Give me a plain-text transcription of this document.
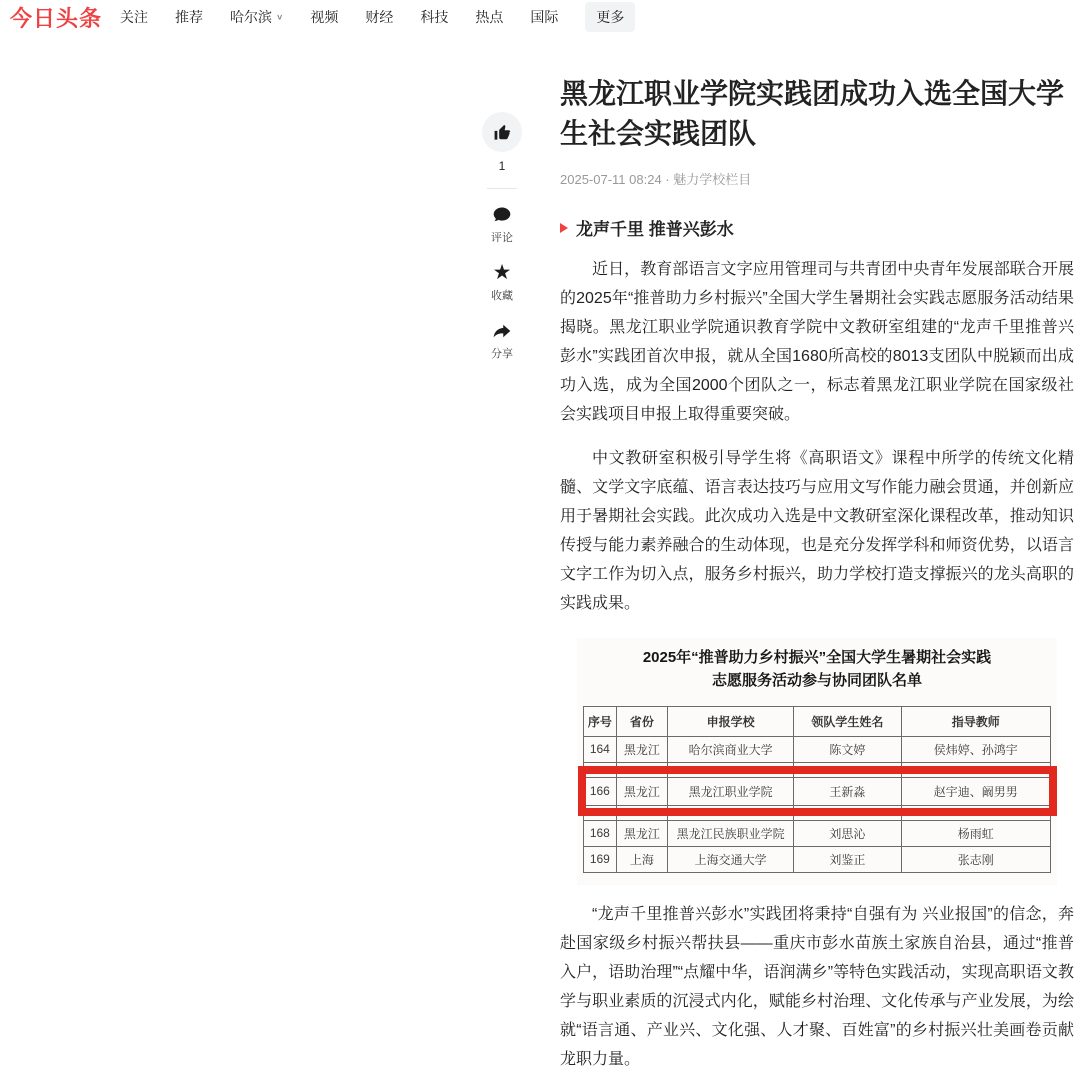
今日头条 关注 推荐 哈尔滨 ∨ 视频 财经 科技 热点 国际	更多
1
评论
★
收藏
分享
黑龙江职业学院实践团成功入选全国大学生社会实践团队
2025-07-11 08:24 · 魅力学校栏目
龙声千里 推普兴彭水

近日，教育部语言文字应用管理司与共青团中央青年发展部联合开展的2025年“推普助力乡村振兴”全国大学生暑期社会实践志愿服务活动结果揭晓。黑龙江职业学院通识教育学院中文教研室组建的“龙声千里推普兴彭水”实践团首次申报，就从全国1680所高校的8013支团队中脱颖而出成功入选，成为全国2000个团队之一，标志着黑龙江职业学院在国家级社会实践项目申报上取得重要突破。

中文教研室积极引导学生将《高职语文》课程中所学的传统文化精髓、文学文字底蕴、语言表达技巧与应用文写作能力融会贯通，并创新应用于暑期社会实践。此次成功入选是中文教研室深化课程改革，推动知识传授与能力素养融合的生动体现，也是充分发挥学科和师资优势，以语言文字工作为切入点，服务乡村振兴，助力学校打造支撑振兴的龙头高职的实践成果。

2025年“推普助力乡村振兴”全国大学生暑期社会实践
志愿服务活动参与协同团队名单
序号	省份	申报学校	领队学生姓名	指导教师
164	黑龙江	哈尔滨商业大学	陈文婷	侯炜婷、孙鸿宇

166	黑龙江	黑龙江职业学院	王新淼	赵宇迪、阚男男

168	黑龙江	黑龙江民族职业学院	刘思沁	杨雨虹
169	上海	上海交通大学	刘鉴正	张志刚

“龙声千里推普兴彭水”实践团将秉持“自强有为 兴业报国”的信念，奔赴国家级乡村振兴帮扶县——重庆市彭水苗族土家族自治县，通过“推普入户，语助治理”“点耀中华，语润满乡”等特色实践活动，实现高职语文教学与职业素质的沉浸式内化，赋能乡村治理、文化传承与产业发展，为绘就“语言通、产业兴、文化强、人才聚、百姓富”的乡村振兴壮美画卷贡献龙职力量。
